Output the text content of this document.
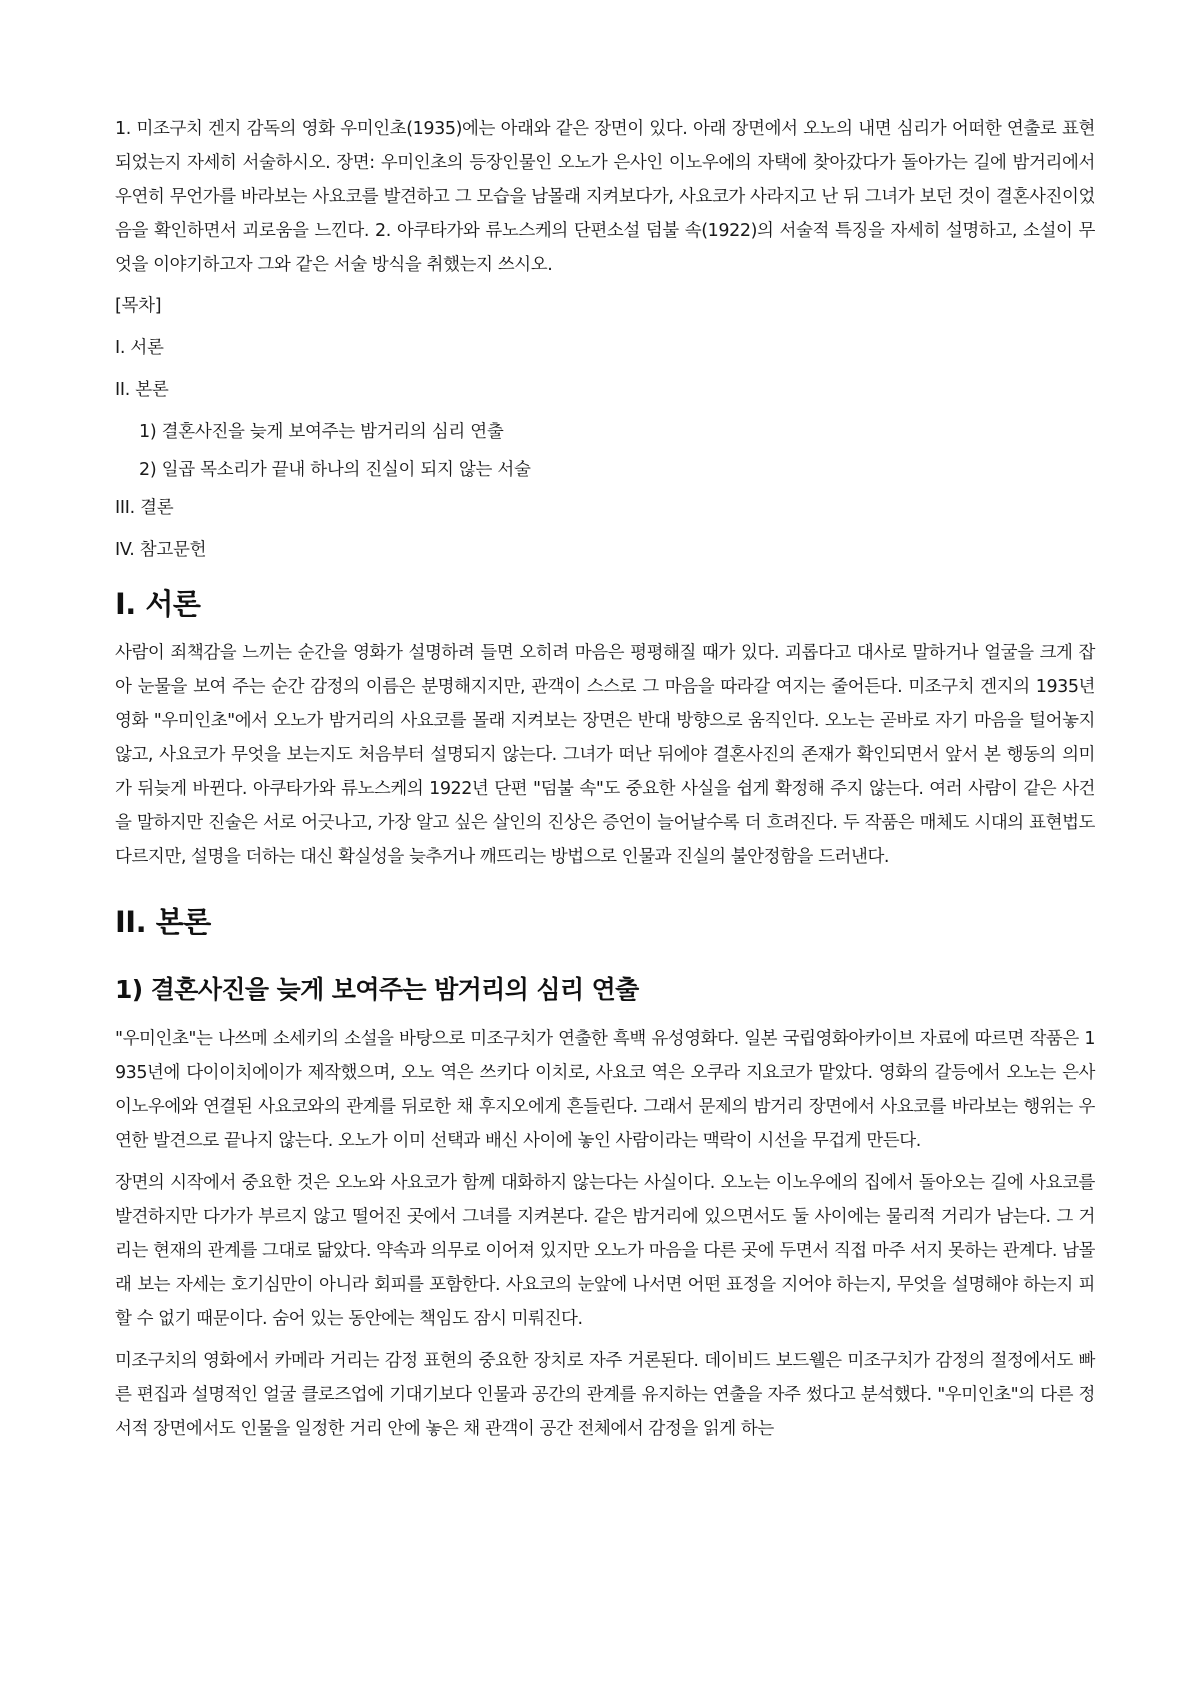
1. 미조구치 겐지 감독의 영화 우미인초(1935)에는 아래와 같은 장면이 있다. 아래 장면에서 오노의 내면 심리가 어떠한 연출로 표현되었는지 자세히 서술하시오. 장면: 우미인초의 등장인물인 오노가 은사인 이노우에의 자택에 찾아갔다가 돌아가는 길에 밤거리에서 우연히 무언가를 바라보는 사요코를 발견하고 그 모습을 남몰래 지켜보다가, 사요코가 사라지고 난 뒤 그녀가 보던 것이 결혼사진이었음을 확인하면서 괴로움을 느낀다. 2. 아쿠타가와 류노스케의 단편소설 덤불 속(1922)의 서술적 특징을 자세히 설명하고, 소설이 무엇을 이야기하고자 그와 같은 서술 방식을 취했는지 쓰시오.

[목차]
I. 서론
II. 본론
1) 결혼사진을 늦게 보여주는 밤거리의 심리 연출
2) 일곱 목소리가 끝내 하나의 진실이 되지 않는 서술
III. 결론
IV. 참고문헌
I. 서론

사람이 죄책감을 느끼는 순간을 영화가 설명하려 들면 오히려 마음은 평평해질 때가 있다. 괴롭다고 대사로 말하거나 얼굴을 크게 잡아 눈물을 보여 주는 순간 감정의 이름은 분명해지지만, 관객이 스스로 그 마음을 따라갈 여지는 줄어든다. 미조구치 겐지의 1935년 영화 "우미인초"에서 오노가 밤거리의 사요코를 몰래 지켜보는 장면은 반대 방향으로 움직인다. 오노는 곧바로 자기 마음을 털어놓지 않고, 사요코가 무엇을 보는지도 처음부터 설명되지 않는다. 그녀가 떠난 뒤에야 결혼사진의 존재가 확인되면서 앞서 본 행동의 의미가 뒤늦게 바뀐다. 아쿠타가와 류노스케의 1922년 단편 "덤불 속"도 중요한 사실을 쉽게 확정해 주지 않는다. 여러 사람이 같은 사건을 말하지만 진술은 서로 어긋나고, 가장 알고 싶은 살인의 진상은 증언이 늘어날수록 더 흐려진다. 두 작품은 매체도 시대의 표현법도 다르지만, 설명을 더하는 대신 확실성을 늦추거나 깨뜨리는 방법으로 인물과 진실의 불안정함을 드러낸다.

II. 본론
1) 결혼사진을 늦게 보여주는 밤거리의 심리 연출

"우미인초"는 나쓰메 소세키의 소설을 바탕으로 미조구치가 연출한 흑백 유성영화다. 일본 국립영화아카이브 자료에 따르면 작품은 1935년에 다이이치에이가 제작했으며, 오노 역은 쓰키다 이치로, 사요코 역은 오쿠라 지요코가 맡았다. 영화의 갈등에서 오노는 은사 이노우에와 연결된 사요코와의 관계를 뒤로한 채 후지오에게 흔들린다. 그래서 문제의 밤거리 장면에서 사요코를 바라보는 행위는 우연한 발견으로 끝나지 않는다. 오노가 이미 선택과 배신 사이에 놓인 사람이라는 맥락이 시선을 무겁게 만든다.

장면의 시작에서 중요한 것은 오노와 사요코가 함께 대화하지 않는다는 사실이다. 오노는 이노우에의 집에서 돌아오는 길에 사요코를 발견하지만 다가가 부르지 않고 떨어진 곳에서 그녀를 지켜본다. 같은 밤거리에 있으면서도 둘 사이에는 물리적 거리가 남는다. 그 거리는 현재의 관계를 그대로 닮았다. 약속과 의무로 이어져 있지만 오노가 마음을 다른 곳에 두면서 직접 마주 서지 못하는 관계다. 남몰래 보는 자세는 호기심만이 아니라 회피를 포함한다. 사요코의 눈앞에 나서면 어떤 표정을 지어야 하는지, 무엇을 설명해야 하는지 피할 수 없기 때문이다. 숨어 있는 동안에는 책임도 잠시 미뤄진다.

미조구치의 영화에서 카메라 거리는 감정 표현의 중요한 장치로 자주 거론된다. 데이비드 보드웰은 미조구치가 감정의 절정에서도 빠른 편집과 설명적인 얼굴 클로즈업에 기대기보다 인물과 공간의 관계를 유지하는 연출을 자주 썼다고 분석했다. "우미인초"의 다른 정서적 장면에서도 인물을 일정한 거리 안에 놓은 채 관객이 공간 전체에서 감정을 읽게 하는
